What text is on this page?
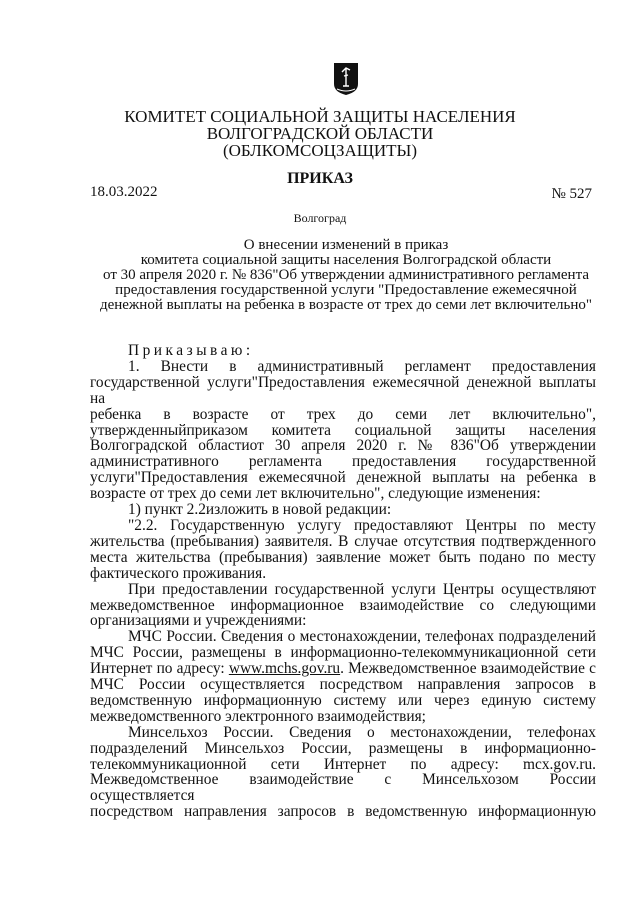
КОМИТЕТ СОЦИАЛЬНОЙ ЗАЩИТЫ НАСЕЛЕНИЯ
ВОЛГОГРАДСКОЙ ОБЛАСТИ
(ОБЛКОМСОЦЗАЩИТЫ)
ПРИКАЗ
18.03.2022	№ 527
Волгоград
О внесении изменений в приказ
комитета социальной защиты населения Волгоградской области
от 30 апреля 2020 г. № 836"Об утверждении административного регламента
предоставления государственной услуги "Предоставление ежемесячной
денежной выплаты на ребенка в возрасте от трех до семи лет включительно"

Приказываю:

1. Внести в административный регламент предоставления

государственной услуги"Предоставления ежемесячной денежной выплаты на

ребенка в возрасте от трех до семи лет включительно",

утвержденныйприказом комитета социальной защиты населения

Волгоградской областиот 30 апреля 2020 г. № 836"Об утверждении

административного регламента предоставления государственной

услуги"Предоставления ежемесячной денежной выплаты на ребенка в

возрасте от трех до семи лет включительно", следующие изменения:

1) пункт 2.2изложить в новой редакции:

"2.2. Государственную услугу предоставляют Центры по месту

жительства (пребывания) заявителя. В случае отсутствия подтвержденного

места жительства (пребывания) заявление может быть подано по месту

фактического проживания.

При предоставлении государственной услуги Центры осуществляют

межведомственное информационное взаимодействие со следующими

организациями и учреждениями:

МЧС России. Сведения о местонахождении, телефонах подразделений

МЧС России, размещены в информационно-телекоммуникационной сети

Интернет по адресу: www.mchs.gov.ru. Межведомственное взаимодействие с

МЧС России осуществляется посредством направления запросов в

ведомственную информационную систему или через единую систему

межведомственного электронного взаимодействия;

Минсельхоз России. Сведения о местонахождении, телефонах

подразделений Минсельхоз России, размещены в информационно-

телекоммуникационной сети Интернет по адресу: mcx.gov.ru.

Межведомственное взаимодействие с Минсельхозом России осуществляется

посредством направления запросов в ведомственную информационную
